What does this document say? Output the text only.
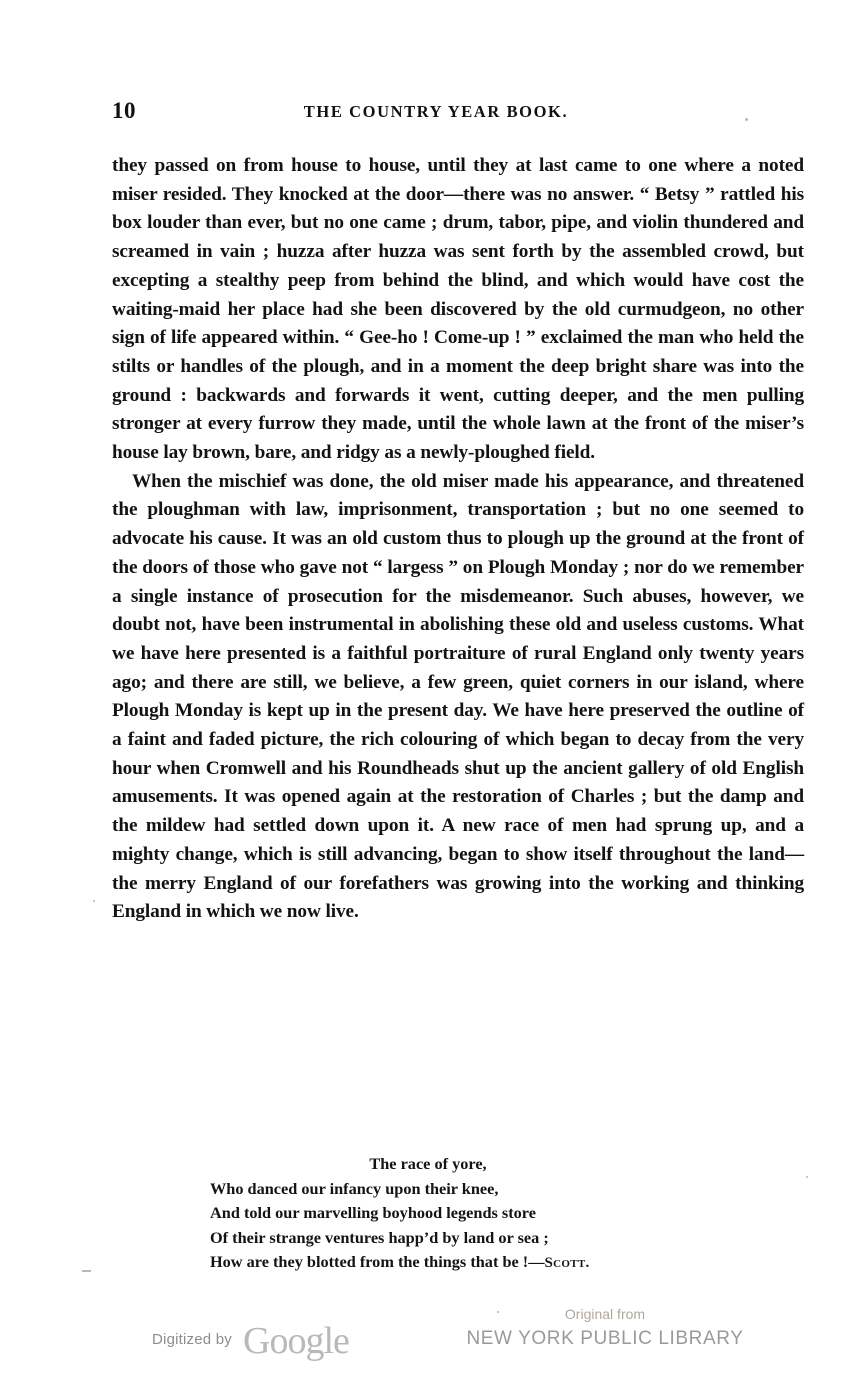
10	THE COUNTRY YEAR BOOK.

they passed on from house to house, until they at last came to one where a noted miser resided. They knocked at the door—there was no answer. “ Betsy ” rattled his box louder than ever, but no one came ; drum, tabor, pipe, and violin thundered and screamed in vain ; huzza after huzza was sent forth by the assembled crowd, but excepting a stealthy peep from behind the blind, and which would have cost the waiting-maid her place had she been discovered by the old curmudgeon, no other sign of life appeared within. “ Gee-ho ! Come-up ! ” exclaimed the man who held the stilts or handles of the plough, and in a moment the deep bright share was into the ground : backwards and forwards it went, cutting deeper, and the men pulling stronger at every furrow they made, until the whole lawn at the front of the miser’s house lay brown, bare, and ridgy as a newly-ploughed field.

When the mischief was done, the old miser made his appearance, and threatened the ploughman with law, imprisonment, transportation ; but no one seemed to advocate his cause. It was an old custom thus to plough up the ground at the front of the doors of those who gave not “ largess ” on Plough Monday ; nor do we remember a single instance of prosecution for the misdemeanor. Such abuses, however, we doubt not, have been instrumental in abolishing these old and useless customs. What we have here presented is a faithful portraiture of rural England only twenty years ago; and there are still, we believe, a few green, quiet corners in our island, where Plough Monday is kept up in the present day. We have here preserved the outline of a faint and faded picture, the rich colouring of which began to decay from the very hour when Cromwell and his Roundheads shut up the ancient gallery of old English amusements. It was opened again at the restoration of Charles ; but the damp and the mildew had settled down upon it. A new race of men had sprung up, and a mighty change, which is still advancing, began to show itself throughout the land— the merry England of our forefathers was growing into the working and thinking England in which we now live.

The race of yore,
Who danced our infancy upon their knee,
And told our marvelling boyhood legends store
Of their strange ventures happ’d by land or sea ;
How are they blotted from the things that be !—Scott.
Digitized by Google
Original from
NEW YORK PUBLIC LIBRARY
